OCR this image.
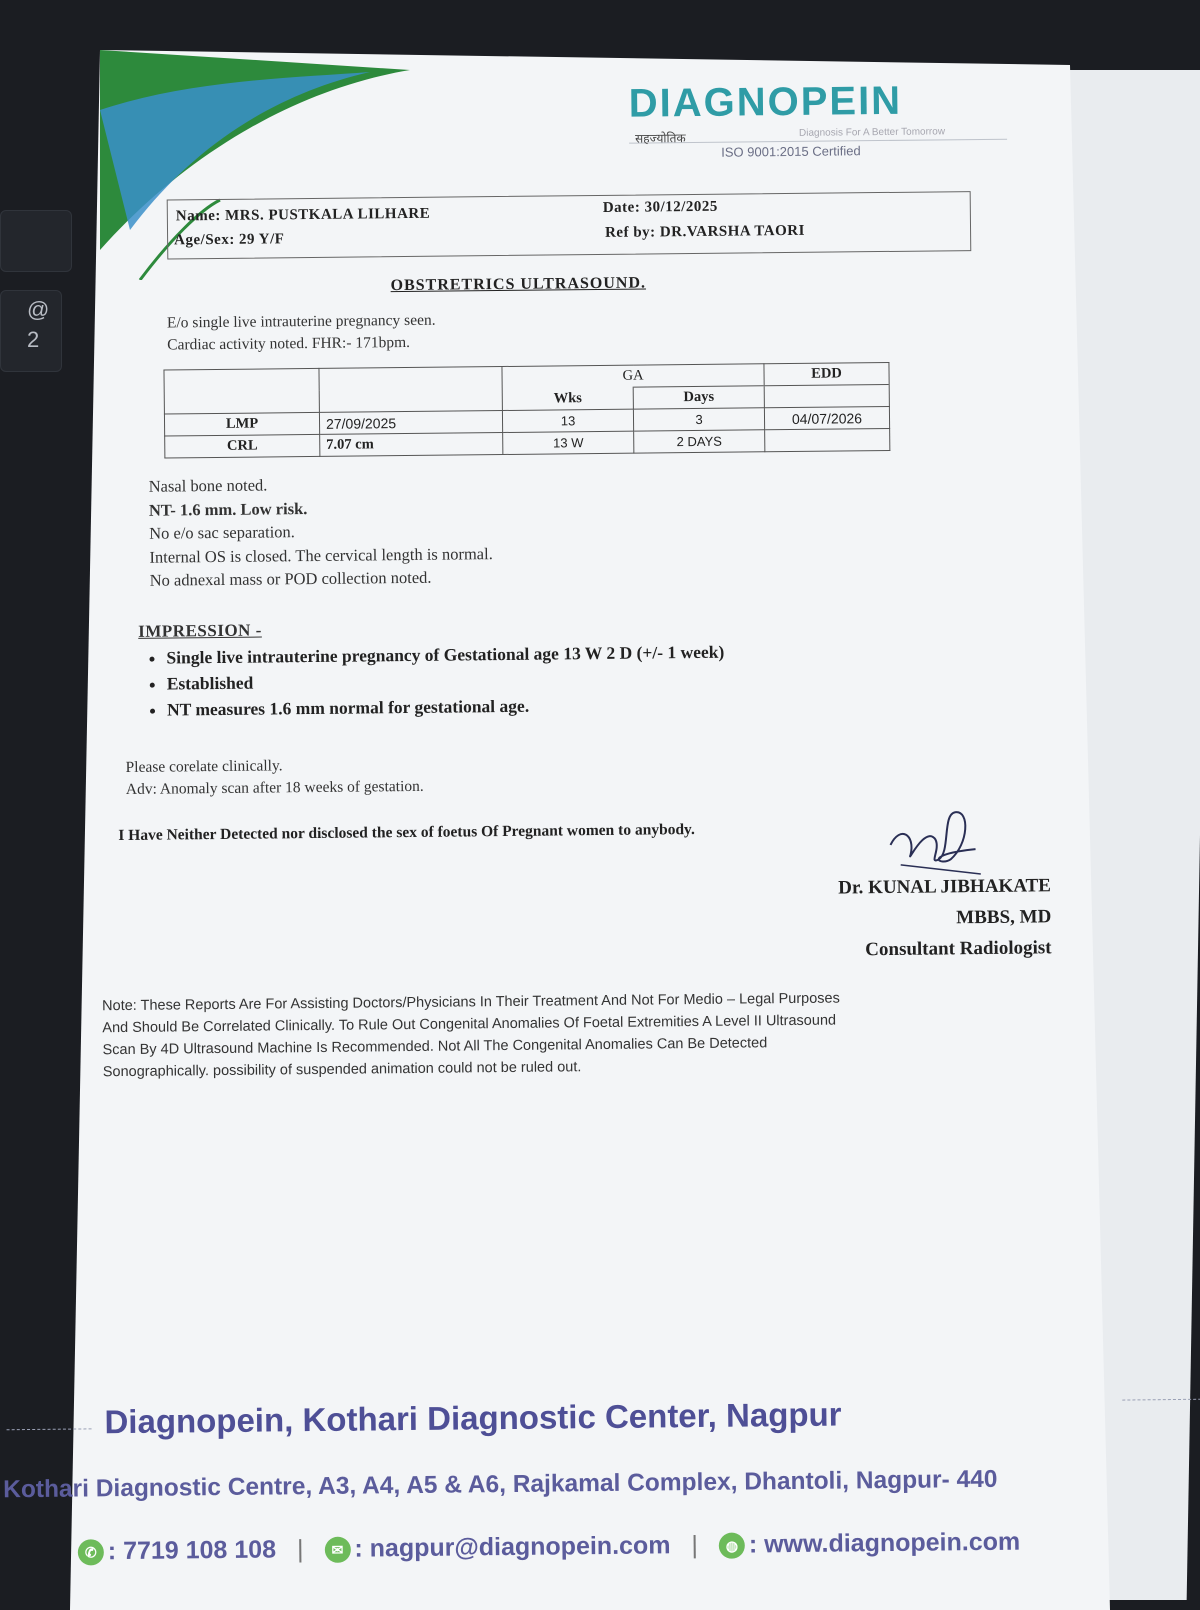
@
2
DIAGNOPEIN
सहज्योतिक	Diagnosis For A Better Tomorrow
ISO 9001:2015 Certified
Name: MRS. PUSTKALA LILHARE
Age/Sex: 29 Y/F
Date: 30/12/2025
Ref by: DR.VARSHA TAORI
OBSTRETRICS ULTRASOUND.
E/o single live intrauterine pregnancy seen.
Cardiac activity noted. FHR:- 171bpm.
		GA		EDD
		Wks	Days	
LMP	27/09/2025	13	3	04/07/2026
CRL	7.07 cm	13 W	2 DAYS	
Nasal bone noted.
NT- 1.6 mm. Low risk.
No e/o sac separation.
Internal OS is closed. The cervical length is normal.
No adnexal mass or POD collection noted.
IMPRESSION -
• Single live intrauterine pregnancy of Gestational age 13 W 2 D (+/- 1 week)
• Established
• NT measures 1.6 mm normal for gestational age.
Please corelate clinically.
Adv: Anomaly scan after 18 weeks of gestation.
I Have Neither Detected nor disclosed the sex of foetus Of Pregnant women to anybody.
Dr. KUNAL JIBHAKATE
MBBS, MD
Consultant Radiologist
Note: These Reports Are For Assisting Doctors/Physicians In Their Treatment And Not For Medio – Legal Purposes
And Should Be Correlated Clinically. To Rule Out Congenital Anomalies Of Foetal Extremities A Level II Ultrasound
Scan By 4D Ultrasound Machine Is Recommended. Not All The Congenital Anomalies Can Be Detected
Sonographically. possibility of suspended animation could not be ruled out.
Diagnopein, Kothari Diagnostic Center, Nagpur
Kothari Diagnostic Centre, A3, A4, A5 & A6, Rajkamal Complex, Dhantoli, Nagpur- 440
✆ : 7719 108 108 | ✉ : nagpur@diagnopein.com | ◍ : www.diagnopein.com
